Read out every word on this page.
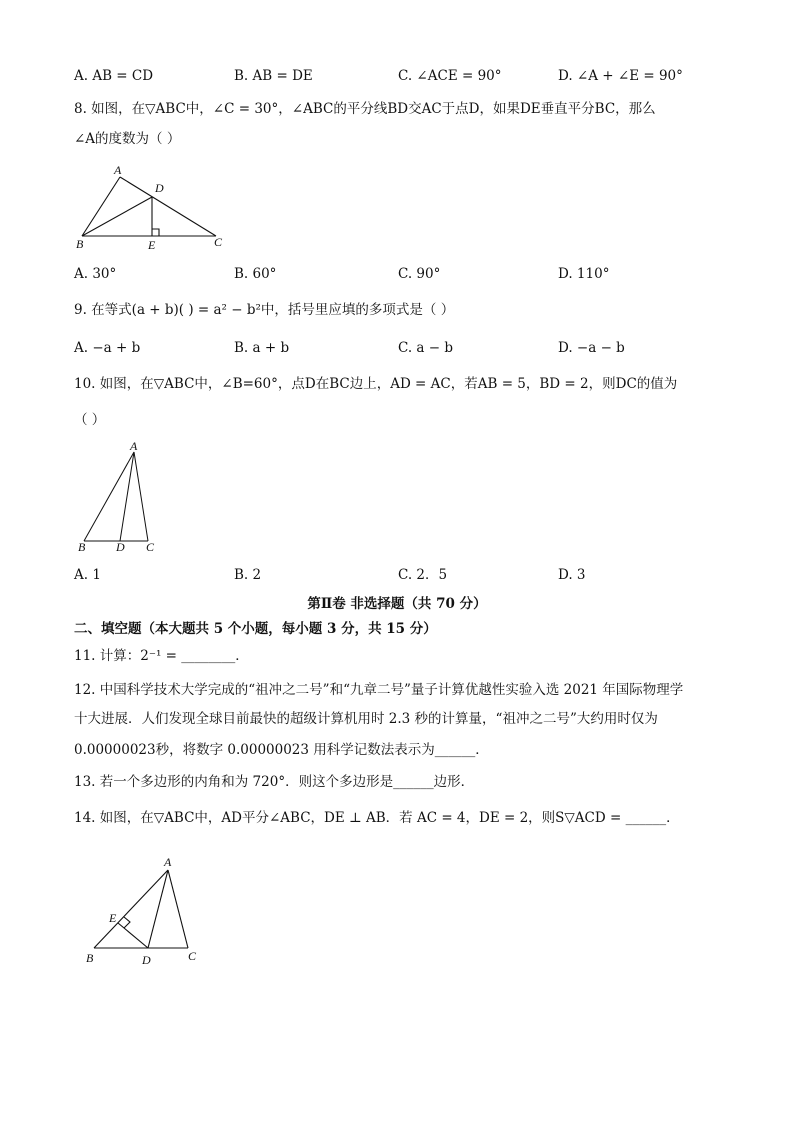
A. AB = CD	B. AB = DE	C. ∠ACE = 90°	D. ∠A + ∠E = 90°
8. 如图，在▽ABC中，∠C = 30°，∠ABC的平分线BD交AC于点D，如果DE垂直平分BC，那么
∠A的度数为（ ）
A
B	C
D
E
A. 30°	B. 60°	C. 90°	D. 110°
9. 在等式(a + b)( ) = a² − b²中，括号里应填的多项式是（ ）
A. −a + b	B. a + b	C. a − b	D. −a − b
10. 如图，在▽ABC中，∠B=60°，点D在BC边上，AD = AC，若AB = 5，BD = 2，则DC的值为
（ ）
A
B	D C
A. 1	B. 2	C. 2．5	D. 3
第Ⅱ卷 非选择题（共 70 分）
二、填空题（本大题共 5 个小题，每小题 3 分，共 15 分）
11. 计算：2⁻¹ = ________．
12. 中国科学技术大学完成的“祖冲之二号”和“九章二号”量子计算优越性实验入选 2021 年国际物理学
十大进展．人们发现全球目前最快的超级计算机用时 2.3 秒的计算量，“祖冲之二号”大约用时仅为
0.00000023秒，将数字 0.00000023 用科学记数法表示为______．
13. 若一个多边形的内角和为 720°．则这个多边形是______边形．
14. 如图，在▽ABC中，AD平分∠ABC，DE ⊥ AB．若 AC = 4，DE = 2，则S▽ACD = ______．
A
B	D	C
E
